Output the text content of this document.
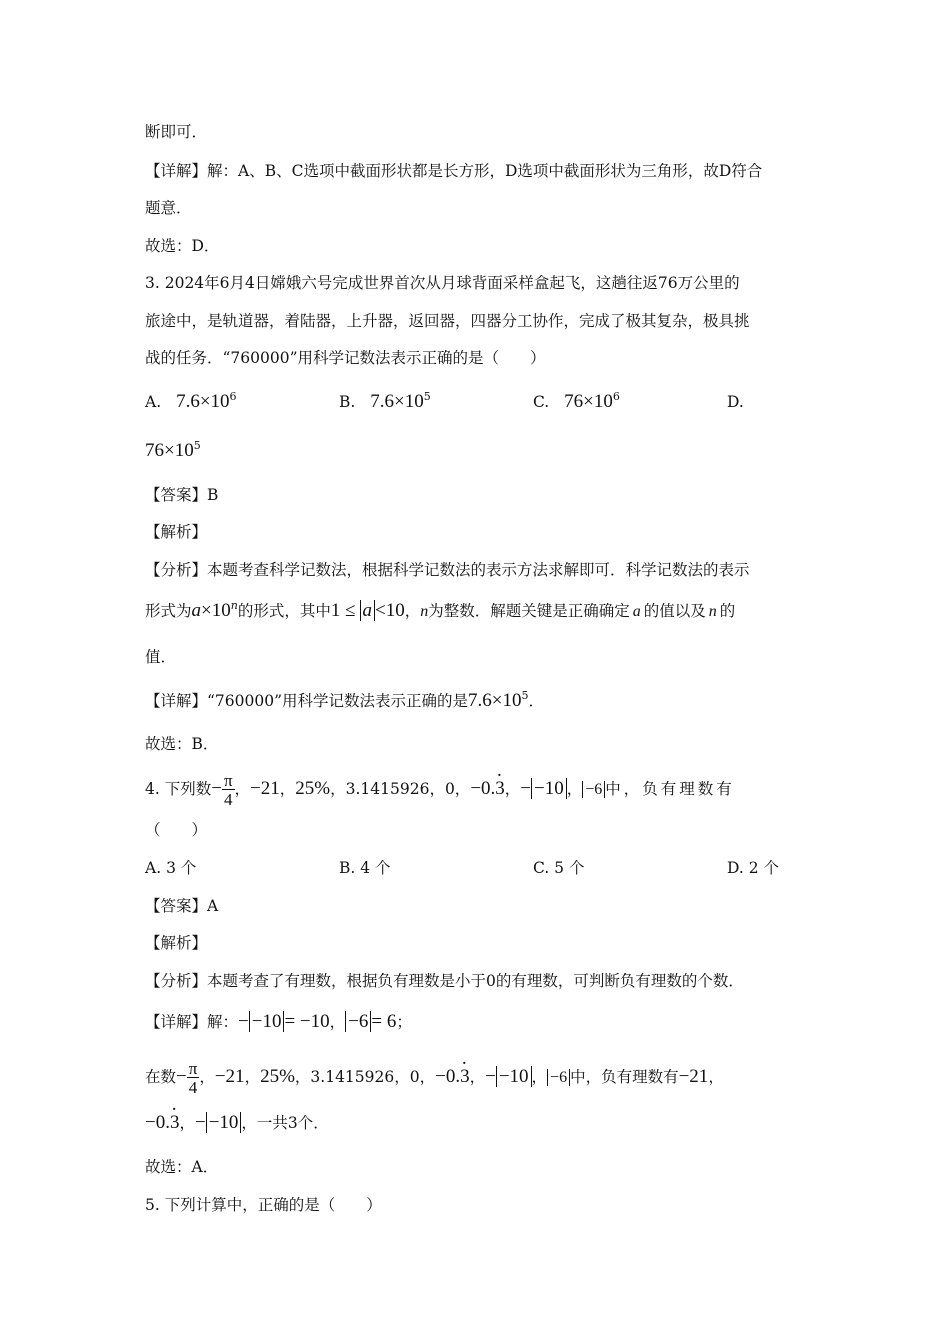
断即可．
【详解】解：A、B、C选项中截面形状都是长方形，D选项中截面形状为三角形，故D符合
题意．
故选：D．
3. 2024年6月4日嫦娥六号完成世界首次从月球背面采样盒起飞，这趟往返76万公里的
旅途中，是轨道器，着陆器，上升器，返回器，四器分工协作，完成了极其复杂，极具挑
战的任务．“760000”用科学记数法表示正确的是（　　）
A. $7.6\times 10^6$	B. $7.6\times 10^5$	C. $76\times 10^6$	D.
$76\times 10^5$
【答案】B
【解析】
【分析】本题考查科学记数法，根据科学记数法的表示方法求解即可．科学记数法的表示
形式为$a\times 10^n$的形式，其中1 ≤ a <10，n为整数．解题关键是正确确定 a 的值以及 n 的
值．
【详解】“760000”用科学记数法表示正确的是$7.6\times 10^5$．
故选：B．
4. 下列数− $\frac{\pi}{4}$ ，−21，25%，3.1415926，0，−0.· 3，− −10 ， −6 中，负有理数有
（　　）
A. 3 个	B. 4 个	C. 5 个	D. 2 个
【答案】A
【解析】
【分析】本题考查了有理数，根据负有理数是小于0的有理数，可判断负有理数的个数．
【详解】解：− −10 = −10， −6 = 6；
在数− $\frac{\pi}{4}$ ，−21，25%，3.1415926，0，−0.· 3，− −10 ， −6 中，负有理数有−21，
−0.· 3，− −10 ，一共3个．
故选：A．
5. 下列计算中，正确的是（　　）
